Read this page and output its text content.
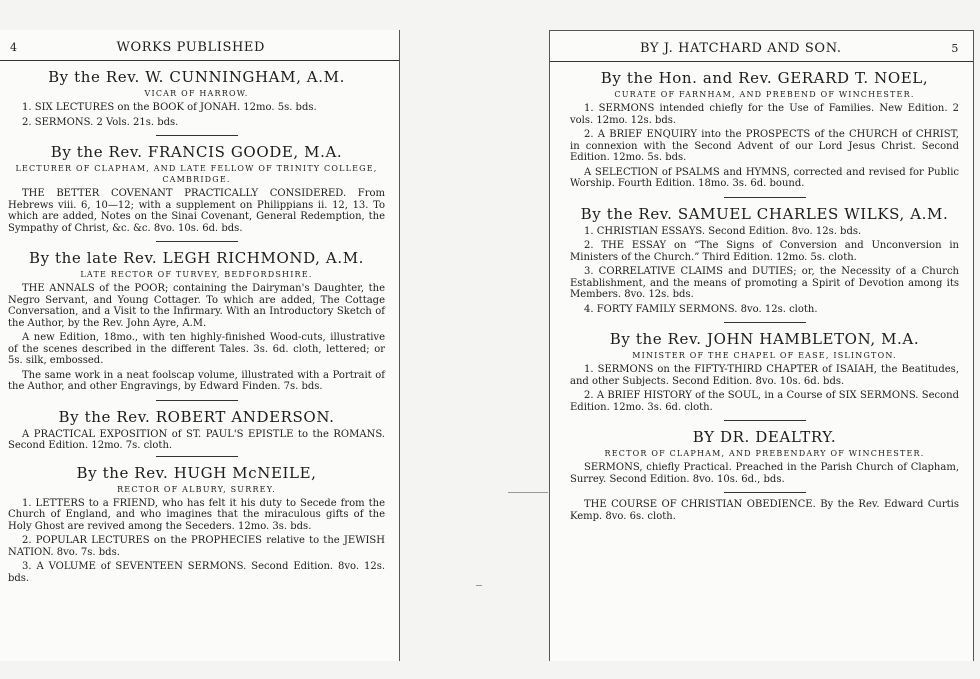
4	WORKS PUBLISHED
By the Rev. W. CUNNINGHAM, A.M.
VICAR OF HARROW.

1. SIX LECTURES on the BOOK of JONAH. 12mo. 5s. bds.

2. SERMONS. 2 Vols. 21s. bds.

By the Rev. FRANCIS GOODE, M.A.
LECTURER OF CLAPHAM, AND LATE FELLOW OF TRINITY COLLEGE, CAMBRIDGE.

THE BETTER COVENANT PRACTICALLY CONSIDERED. From Hebrews viii. 6, 10—12; with a supplement on Philippians ii. 12, 13. To which are added, Notes on the Sinai Covenant, General Redemption, the Sympathy of Christ, &c. &c. 8vo. 10s. 6d. bds.

By the late Rev. LEGH RICHMOND, A.M.
LATE RECTOR OF TURVEY, BEDFORDSHIRE.

THE ANNALS of the POOR; containing the Dairyman's Daughter, the Negro Servant, and Young Cottager. To which are added, The Cottage Conversation, and a Visit to the Infirmary. With an Introductory Sketch of the Author, by the Rev. John Ayre, A.M.

A new Edition, 18mo., with ten highly-finished Wood-cuts, illustrative of the scenes described in the different Tales. 3s. 6d. cloth, lettered; or 5s. silk, embossed.

The same work in a neat foolscap volume, illustrated with a Portrait of the Author, and other Engravings, by Edward Finden. 7s. bds.

By the Rev. ROBERT ANDERSON.

A PRACTICAL EXPOSITION of ST. PAUL'S EPISTLE to the ROMANS. Second Edition. 12mo. 7s. cloth.

By the Rev. HUGH McNEILE,
RECTOR OF ALBURY, SURREY.

1. LETTERS to a FRIEND, who has felt it his duty to Secede from the Church of England, and who imagines that the miraculous gifts of the Holy Ghost are revived among the Seceders. 12mo. 3s. bds.

2. POPULAR LECTURES on the PROPHECIES relative to the JEWISH NATION. 8vo. 7s. bds.

3. A VOLUME of SEVENTEEN SERMONS. Second Edition. 8vo. 12s. bds.

BY J. HATCHARD AND SON.	5
By the Hon. and Rev. GERARD T. NOEL,
CURATE OF FARNHAM, AND PREBEND OF WINCHESTER.

1. SERMONS intended chiefly for the Use of Families. New Edition. 2 vols. 12mo. 12s. bds.

2. A BRIEF ENQUIRY into the PROSPECTS of the CHURCH of CHRIST, in connexion with the Second Advent of our Lord Jesus Christ. Second Edition. 12mo. 5s. bds.

A SELECTION of PSALMS and HYMNS, corrected and revised for Public Worship. Fourth Edition. 18mo. 3s. 6d. bound.

By the Rev. SAMUEL CHARLES WILKS, A.M.

1. CHRISTIAN ESSAYS. Second Edition. 8vo. 12s. bds.

2. THE ESSAY on “The Signs of Conversion and Unconversion in Ministers of the Church.” Third Edition. 12mo. 5s. cloth.

3. CORRELATIVE CLAIMS and DUTIES; or, the Necessity of a Church Establishment, and the means of promoting a Spirit of Devotion among its Members. 8vo. 12s. bds.

4. FORTY FAMILY SERMONS. 8vo. 12s. cloth.

By the Rev. JOHN HAMBLETON, M.A.
MINISTER OF THE CHAPEL OF EASE, ISLINGTON.

1. SERMONS on the FIFTY-THIRD CHAPTER of ISAIAH, the Beatitudes, and other Subjects. Second Edition. 8vo. 10s. 6d. bds.

2. A BRIEF HISTORY of the SOUL, in a Course of SIX SERMONS. Second Edition. 12mo. 3s. 6d. cloth.

BY DR. DEALTRY.
RECTOR OF CLAPHAM, AND PREBENDARY OF WINCHESTER.

SERMONS, chiefly Practical. Preached in the Parish Church of Clapham, Surrey. Second Edition. 8vo. 10s. 6d., bds.

THE COURSE OF CHRISTIAN OBEDIENCE. By the Rev. Edward Curtis Kemp. 8vo. 6s. cloth.
